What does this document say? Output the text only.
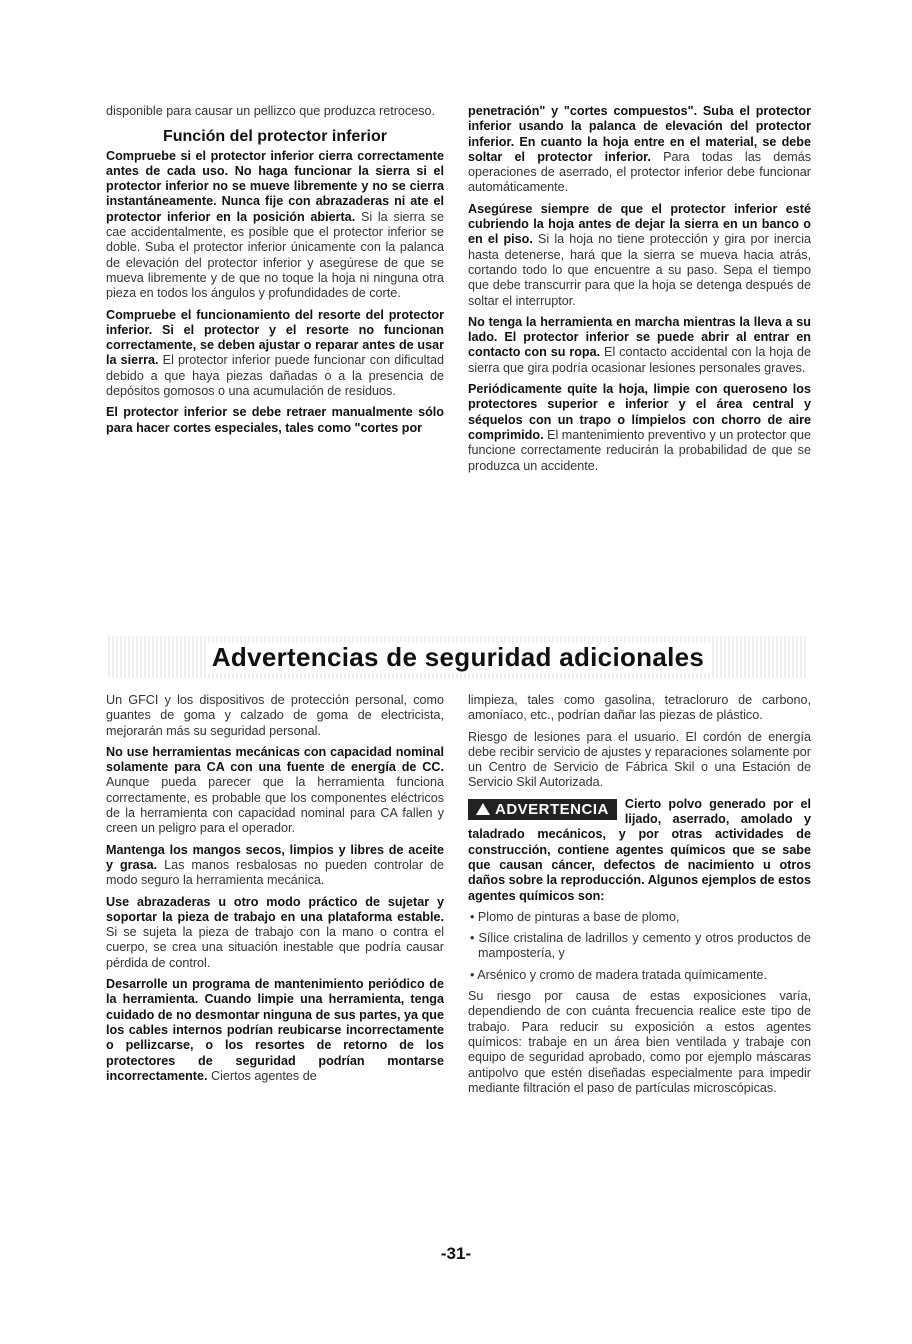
disponible para causar un pellizco que produzca retroceso.

Función del protector inferior

Compruebe si el protector inferior cierra correctamente antes de cada uso. No haga funcionar la sierra si el protector inferior no se mueve libremente y no se cierra instantáneamente. Nunca fije con abrazaderas ni ate el protector inferior en la posición abierta. Si la sierra se cae accidentalmente, es posible que el protector inferior se doble. Suba el protector inferior únicamente con la palanca de elevación del protector inferior y asegúrese de que se mueva libremente y de que no toque la hoja ni ninguna otra pieza en todos los ángulos y profundidades de corte.

Compruebe el funcionamiento del resorte del protector inferior. Si el protector y el resorte no funcionan correctamente, se deben ajustar o reparar antes de usar la sierra. El protector inferior puede funcionar con dificultad debido a que haya piezas dañadas o a la presencia de depósitos gomosos o una acumulación de residuos.

El protector inferior se debe retraer manualmente sólo para hacer cortes especiales, tales como "cortes por

penetración" y "cortes compuestos". Suba el protector inferior usando la palanca de elevación del protector inferior. En cuanto la hoja entre en el material, se debe soltar el protector inferior. Para todas las demás operaciones de aserrado, el protector inferior debe funcionar automáticamente.

Asegúrese siempre de que el protector inferior esté cubriendo la hoja antes de dejar la sierra en un banco o en el piso. Si la hoja no tiene protección y gira por inercia hasta detenerse, hará que la sierra se mueva hacia atrás, cortando todo lo que encuentre a su paso. Sepa el tiempo que debe transcurrir para que la hoja se detenga después de soltar el interruptor.

No tenga la herramienta en marcha mientras la lleva a su lado. El protector inferior se puede abrir al entrar en contacto con su ropa. El contacto accidental con la hoja de sierra que gira podría ocasionar lesiones personales graves.

Periódicamente quite la hoja, limpie con queroseno los protectores superior e inferior y el área central y séquelos con un trapo o límpielos con chorro de aire comprimido. El mantenimiento preventivo y un protector que funcione correctamente reducirán la probabilidad de que se produzca un accidente.

Advertencias de seguridad adicionales

Un GFCI y los dispositivos de protección personal, como guantes de goma y calzado de goma de electricista, mejorarán más su seguridad personal.

No use herramientas mecánicas con capacidad nominal solamente para CA con una fuente de energía de CC. Aunque pueda parecer que la herramienta funciona correctamente, es probable que los componentes eléctricos de la herramienta con capacidad nominal para CA fallen y creen un peligro para el operador.

Mantenga los mangos secos, limpios y libres de aceite y grasa. Las manos resbalosas no pueden controlar de modo seguro la herramienta mecánica.

Use abrazaderas u otro modo práctico de sujetar y soportar la pieza de trabajo en una plataforma estable. Si se sujeta la pieza de trabajo con la mano o contra el cuerpo, se crea una situación inestable que podría causar pérdida de control.

Desarrolle un programa de mantenimiento periódico de la herramienta. Cuando limpie una herramienta, tenga cuidado de no desmontar ninguna de sus partes, ya que los cables internos podrían reubicarse incorrectamente o pellizcarse, o los resortes de retorno de los protectores de seguridad podrían montarse incorrectamente. Ciertos agentes de

limpieza, tales como gasolina, tetracloruro de carbono, amoníaco, etc., podrían dañar las piezas de plástico.

Riesgo de lesiones para el usuario. El cordón de energía debe recibir servicio de ajustes y reparaciones solamente por un Centro de Servicio de Fábrica Skil o una Estación de Servicio Skil Autorizada.

ADVERTENCIA	Cierto polvo generado por el lijado, aserrado, amolado y taladrado mecánicos, y por otras actividades de construcción, contiene agentes químicos que se sabe que causan cáncer, defectos de nacimiento u otros daños sobre la reproducción. Algunos ejemplos de estos agentes químicos son:

• Plomo de pinturas a base de plomo,
• Sílice cristalina de ladrillos y cemento y otros productos de mampostería, y
• Arsénico y cromo de madera tratada químicamente.

Su riesgo por causa de estas exposiciones varía, dependiendo de con cuánta frecuencia realice este tipo de trabajo. Para reducir su exposición a estos agentes químicos: trabaje en un área bien ventilada y trabaje con equipo de seguridad aprobado, como por ejemplo máscaras antipolvo que estén diseñadas especialmente para impedir mediante filtración el paso de partículas microscópicas.

-31-
